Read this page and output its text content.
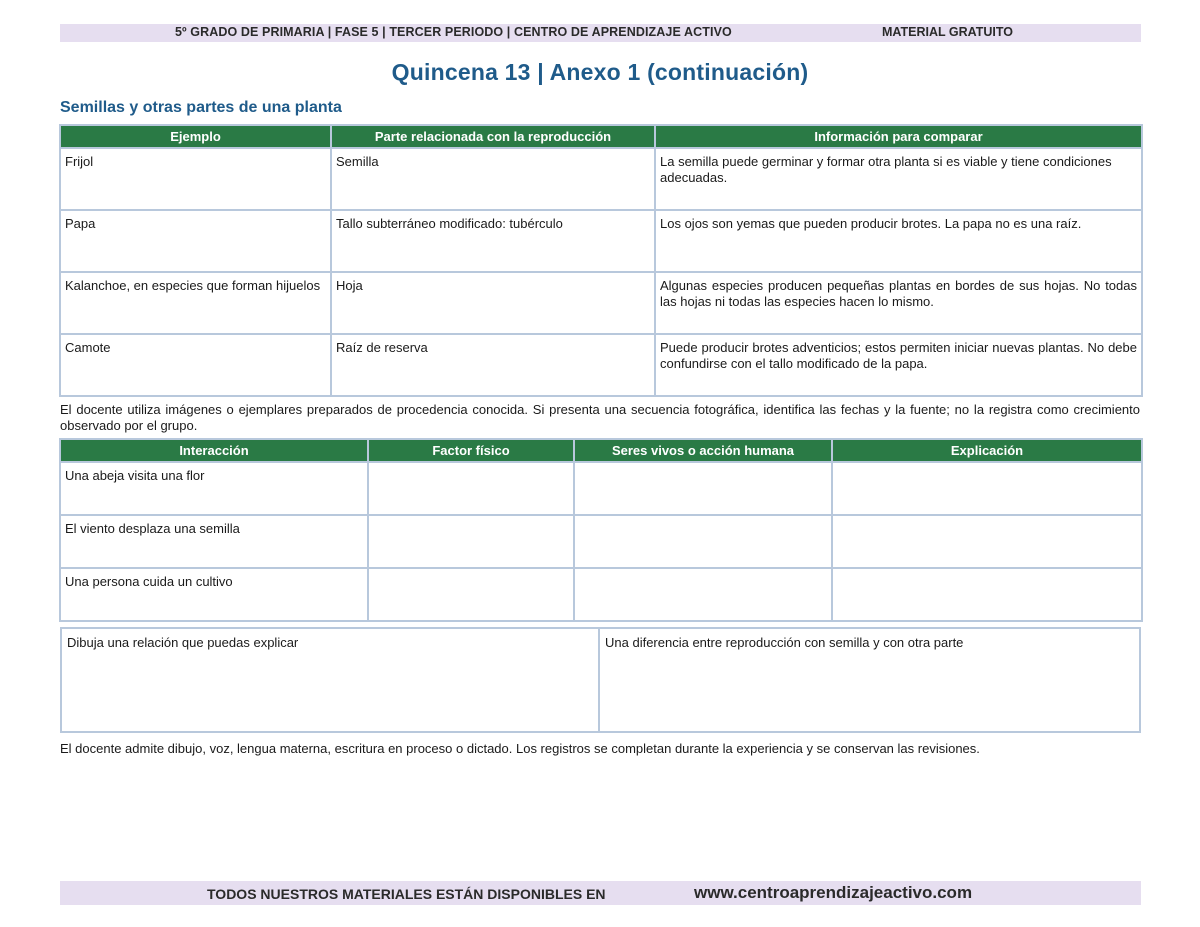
5º GRADO DE PRIMARIA | FASE 5 | TERCER PERIODO | CENTRO DE APRENDIZAJE ACTIVO	MATERIAL GRATUITO
Quincena 13 | Anexo 1 (continuación)
Semillas y otras partes de una planta
Ejemplo	Parte relacionada con la reproducción	Información para comparar
Frijol	Semilla	La semilla puede germinar y formar otra planta si es viable y tiene condiciones adecuadas.
Papa	Tallo subterráneo modificado: tubérculo	Los ojos son yemas que pueden producir brotes. La papa no es una raíz.
Kalanchoe, en especies que forman hijuelos	Hoja	Algunas especies producen pequeñas plantas en bordes de sus hojas. No todas las hojas ni todas las especies hacen lo mismo.
Camote	Raíz de reserva	Puede producir brotes adventicios; estos permiten iniciar nuevas plantas. No debe confundirse con el tallo modificado de la papa.
El docente utiliza imágenes o ejemplares preparados de procedencia conocida. Si presenta una secuencia fotográfica, identifica las fechas y la fuente; no la registra como crecimiento observado por el grupo.
Interacción	Factor físico	Seres vivos o acción humana	Explicación
Una abeja visita una flor			
El viento desplaza una semilla			
Una persona cuida un cultivo			
Dibuja una relación que puedas explicar	Una diferencia entre reproducción con semilla y con otra parte
El docente admite dibujo, voz, lengua materna, escritura en proceso o dictado. Los registros se completan durante la experiencia y se conservan las revisiones.
TODOS NUESTROS MATERIALES ESTÁN DISPONIBLES EN	www.centroaprendizajeactivo.com
